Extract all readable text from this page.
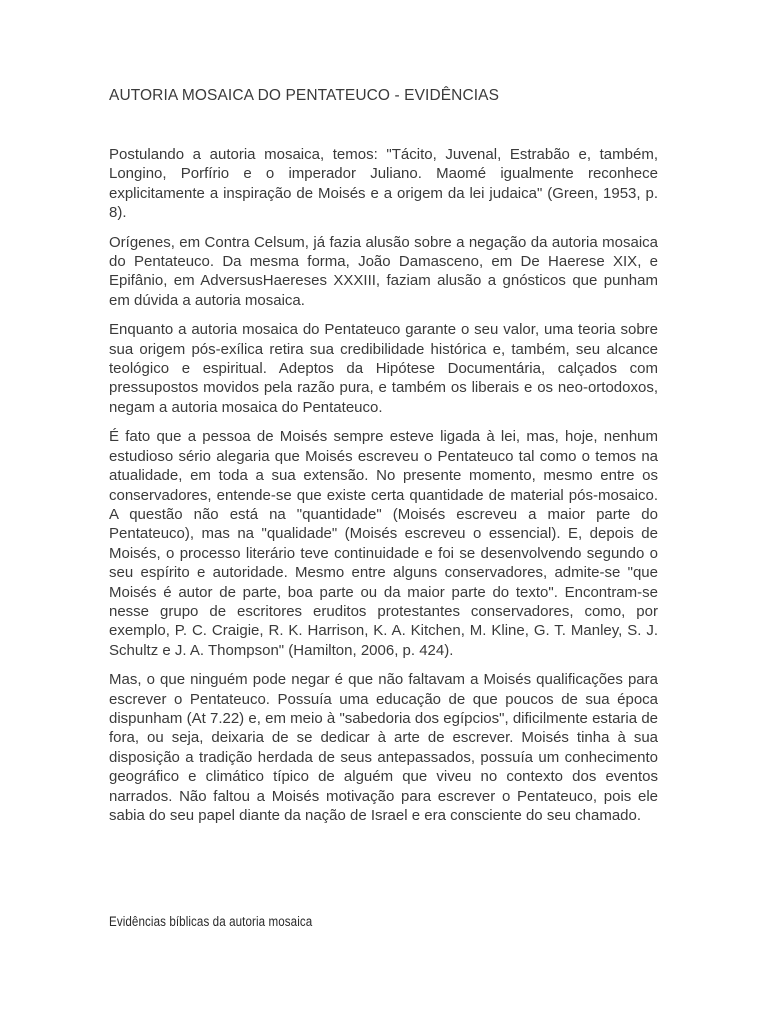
AUTORIA MOSAICA DO PENTATEUCO - EVIDÊNCIAS

Postulando a autoria mosaica, temos: "Tácito, Juvenal, Estrabão e, também, Longino, Porfírio e o imperador Juliano. Maomé igualmente reconhece explicitamente a inspiração de Moisés e a origem da lei judaica" (Green, 1953, p. 8).

Orígenes, em Contra Celsum, já fazia alusão sobre a negação da autoria mosaica do Pentateuco. Da mesma forma, João Damasceno, em De Haerese XIX, e Epifânio, em AdversusHaereses XXXIII, faziam alusão a gnósticos que punham em dúvida a autoria mosaica.

Enquanto a autoria mosaica do Pentateuco garante o seu valor, uma teoria sobre sua origem pós-exílica retira sua credibilidade histórica e, também, seu alcance teológico e espiritual. Adeptos da Hipótese Documentária, calçados com pressupostos movidos pela razão pura, e também os liberais e os neo-ortodoxos, negam a autoria mosaica do Pentateuco.

É fato que a pessoa de Moisés sempre esteve ligada à lei, mas, hoje, nenhum estudioso sério alegaria que Moisés escreveu o Pentateuco tal como o temos na atualidade, em toda a sua extensão. No presente momento, mesmo entre os conservadores, entende-se que existe certa quantidade de material pós-mosaico. A questão não está na "quantidade" (Moisés escreveu a maior parte do Pentateuco), mas na "qualidade" (Moisés escreveu o essencial). E, depois de Moisés, o processo literário teve continuidade e foi se desenvolvendo segundo o seu espírito e autoridade. Mesmo entre alguns conservadores, admite-se "que Moisés é autor de parte, boa parte ou da maior parte do texto". Encontram-se nesse grupo de escritores eruditos protestantes conservadores, como, por exemplo, P. C. Craigie, R. K. Harrison, K. A. Kitchen, M. Kline, G. T. Manley, S. J. Schultz e J. A. Thompson" (Hamilton, 2006, p. 424).

Mas, o que ninguém pode negar é que não faltavam a Moisés qualificações para escrever o Pentateuco. Possuía uma educação de que poucos de sua época dispunham (At 7.22) e, em meio à "sabedoria dos egípcios", dificilmente estaria de fora, ou seja, deixaria de se dedicar à arte de escrever. Moisés tinha à sua disposição a tradição herdada de seus antepassados, possuía um conhecimento geográfico e climático típico de alguém que viveu no contexto dos eventos narrados. Não faltou a Moisés motivação para escrever o Pentateuco, pois ele sabia do seu papel diante da nação de Israel e era consciente do seu chamado.

Evidências bíblicas da autoria mosaica
